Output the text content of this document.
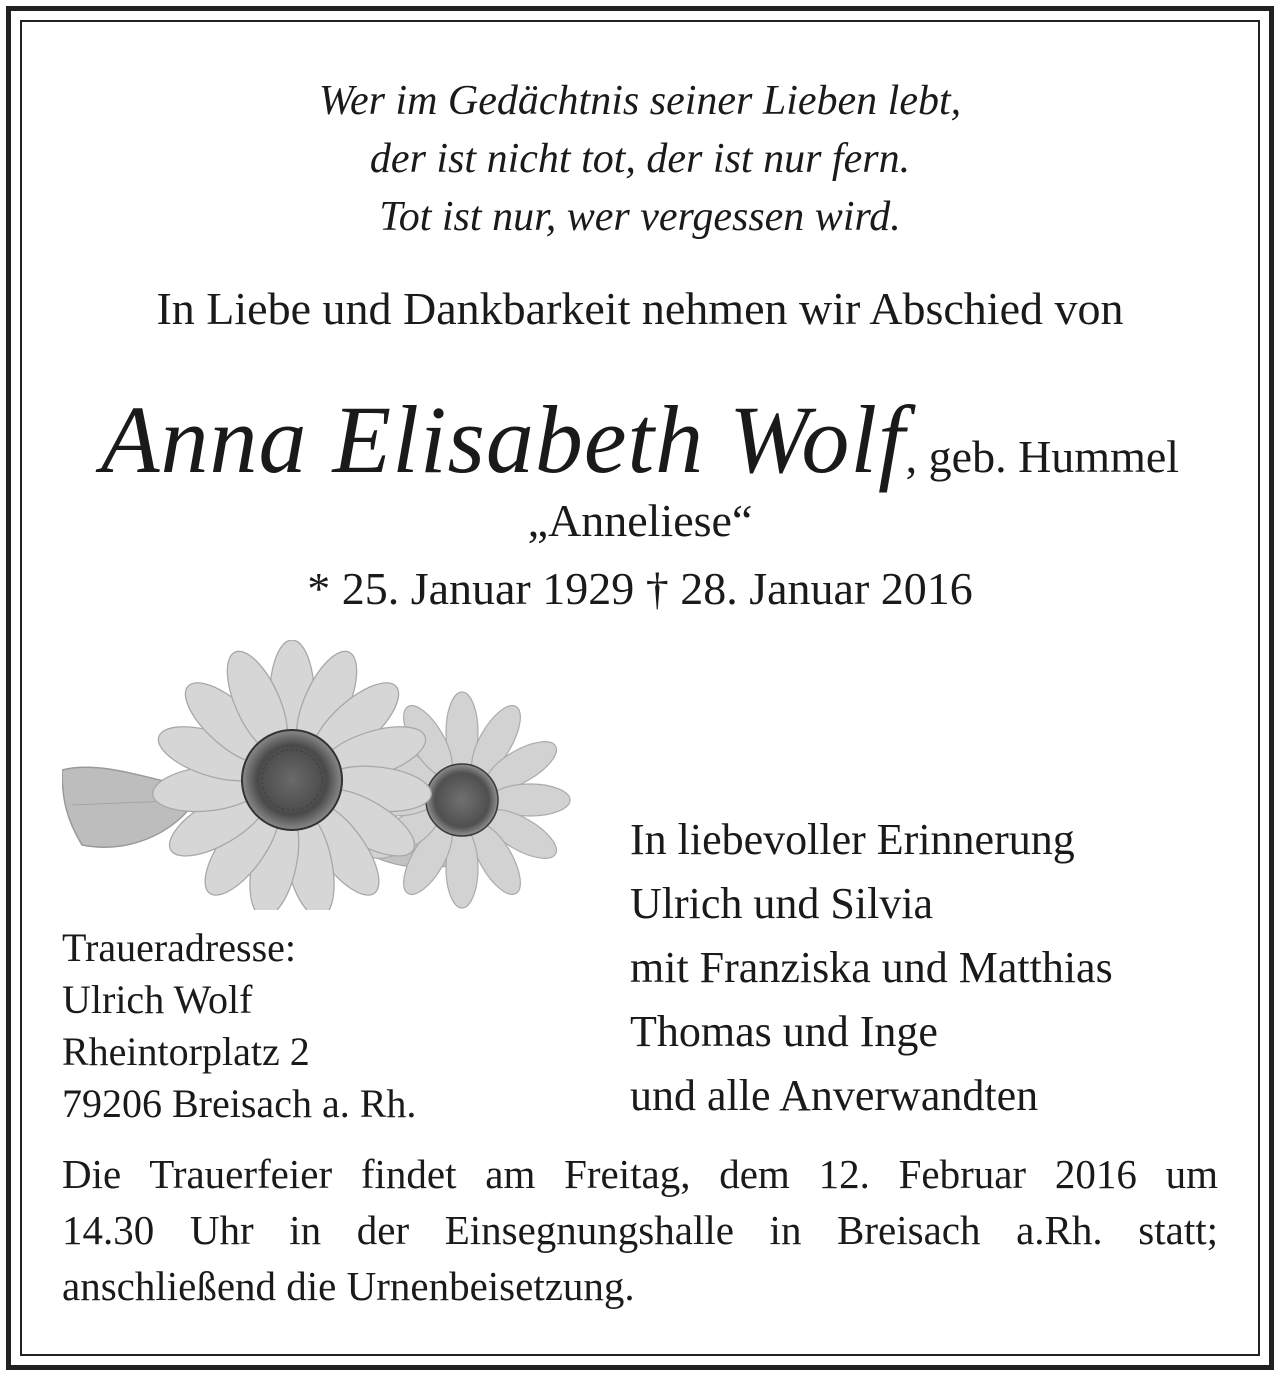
Wer im Gedächtnis seiner Lieben lebt,
der ist nicht tot, der ist nur fern.
Tot ist nur, wer vergessen wird.
In Liebe und Dankbarkeit nehmen wir Abschied von
Anna Elisabeth Wolf, geb. Hummel
„Anneliese“
* 25. Januar 1929 † 28. Januar 2016
Traueradresse:
Ulrich Wolf
Rheintorplatz 2
79206 Breisach a. Rh.
In liebevoller Erinnerung
Ulrich und Silvia
mit Franziska und Matthias
Thomas und Inge
und alle Anverwandten
Die Trauerfeier findet am Freitag, dem 12. Februar 2016 um
14.30 Uhr in der Einsegnungshalle in Breisach a.Rh. statt;
anschließend die Urnenbeisetzung.
